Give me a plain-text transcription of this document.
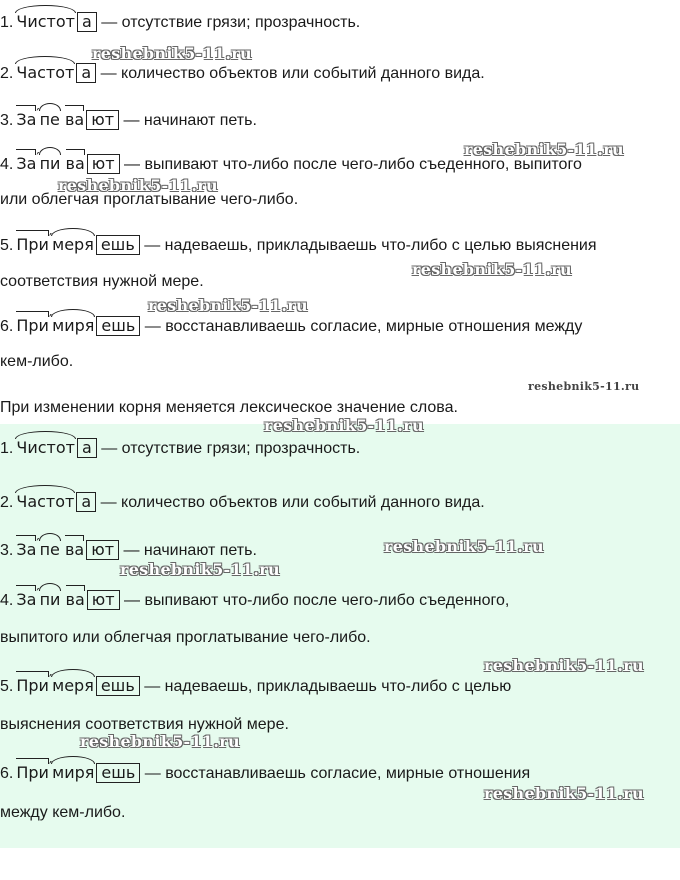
1. Чистот а — отсутствие грязи; прозрачность.
2. Частот а — количество объектов или событий данного вида.
3. За′пе ва ют — начинают петь.
4. За′пи ва ют — выпивают что-либо после чего-либо съеденного, выпитого
или облегчая проглатывание чего-либо.
5. При′меря ешь — надеваешь, прикладываешь что-либо с целью выяснения
соответствия нужной мере.
6. При′миря ешь — восстанавливаешь согласие, мирные отношения между
кем-либо.
При изменении корня меняется лексическое значение слова.
1. Чистот а — отсутствие грязи; прозрачность.
2. Частот а — количество объектов или событий данного вида.
3. За′пе ва ют — начинают петь.
4. За′пи ва ют — выпивают что-либо после чего-либо съеденного,
выпитого или облегчая проглатывание чего-либо.
5. При′меря ешь — надеваешь, прикладываешь что-либо с целью
выяснения соответствия нужной мере.
6. При′миря ешь — восстанавливаешь согласие, мирные отношения
между кем-либо.
reshebnik5-11.ru
reshebnik5-11.ru
reshebnik5-11.ru
reshebnik5-11.ru
reshebnik5-11.ru
reshebnik5-11.ru
reshebnik5-11.ru
reshebnik5-11.ru
reshebnik5-11.ru
reshebnik5-11.ru
reshebnik5-11.ru
reshebnik5-11.ru
